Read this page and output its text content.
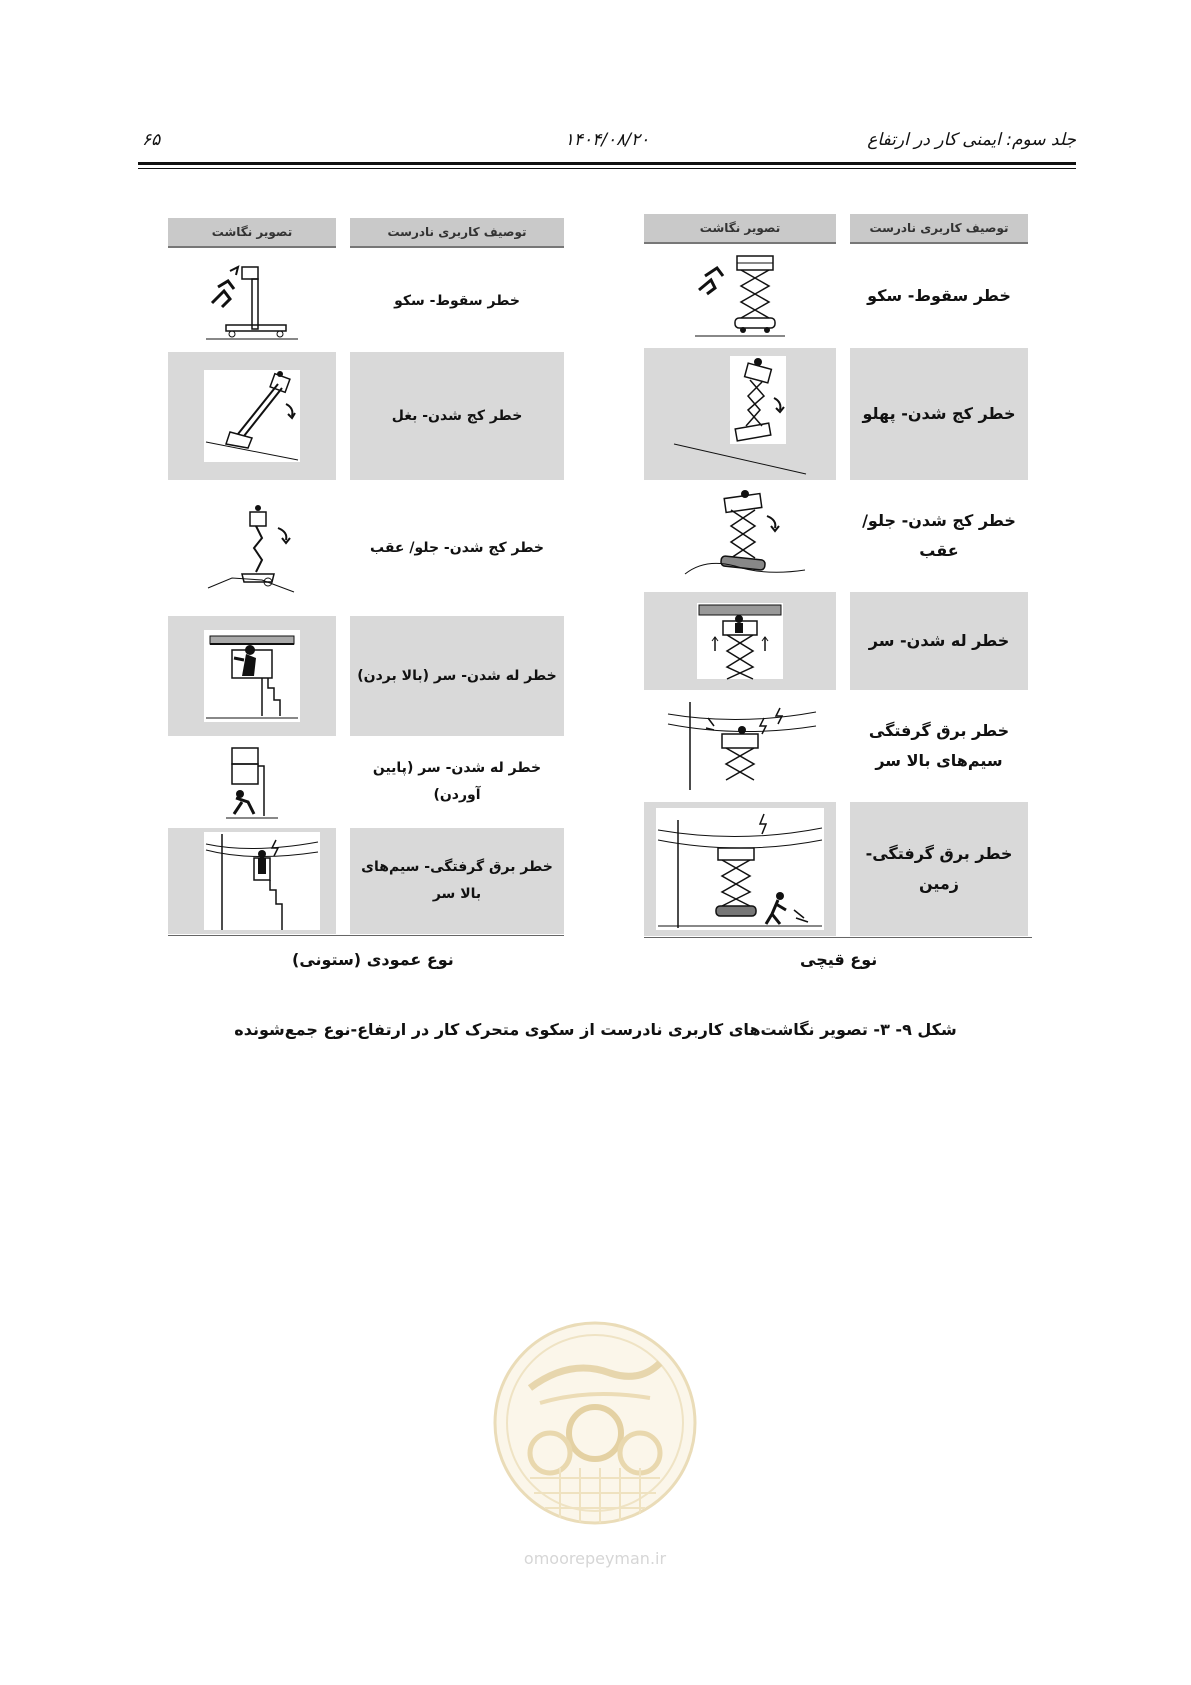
جلد سوم: ایمنی کار در ارتفاع
۱۴۰۴/۰۸/۲۰
۶۵
تصویر نگاشت	توصیف کاربری نادرست
خطر سقوط- سکو
خطر کج شدن- بغل
خطر کج شدن- جلو/ عقب
خطر له شدن- سر (بالا بردن)
خطر له شدن- سر (پایین آوردن)
خطر برق گرفتگی- سیم‌های بالا سر
نوع عمودی (ستونی)
تصویر نگاشت	توصیف کاربری نادرست
خطر سقوط- سکو
خطر کج شدن- پهلو
خطر کج شدن- جلو/ عقب
خطر له شدن- سر
خطر برق گرفتگی سیم‌های بالا سر
خطر برق گرفتگی- زمین
نوع قیچی
شکل ۹- ۳- تصویر نگاشت‌های کاربری نادرست از سکوی متحرک کار در ارتفاع-نوع جمع‌شونده
omoorepeyman.ir
